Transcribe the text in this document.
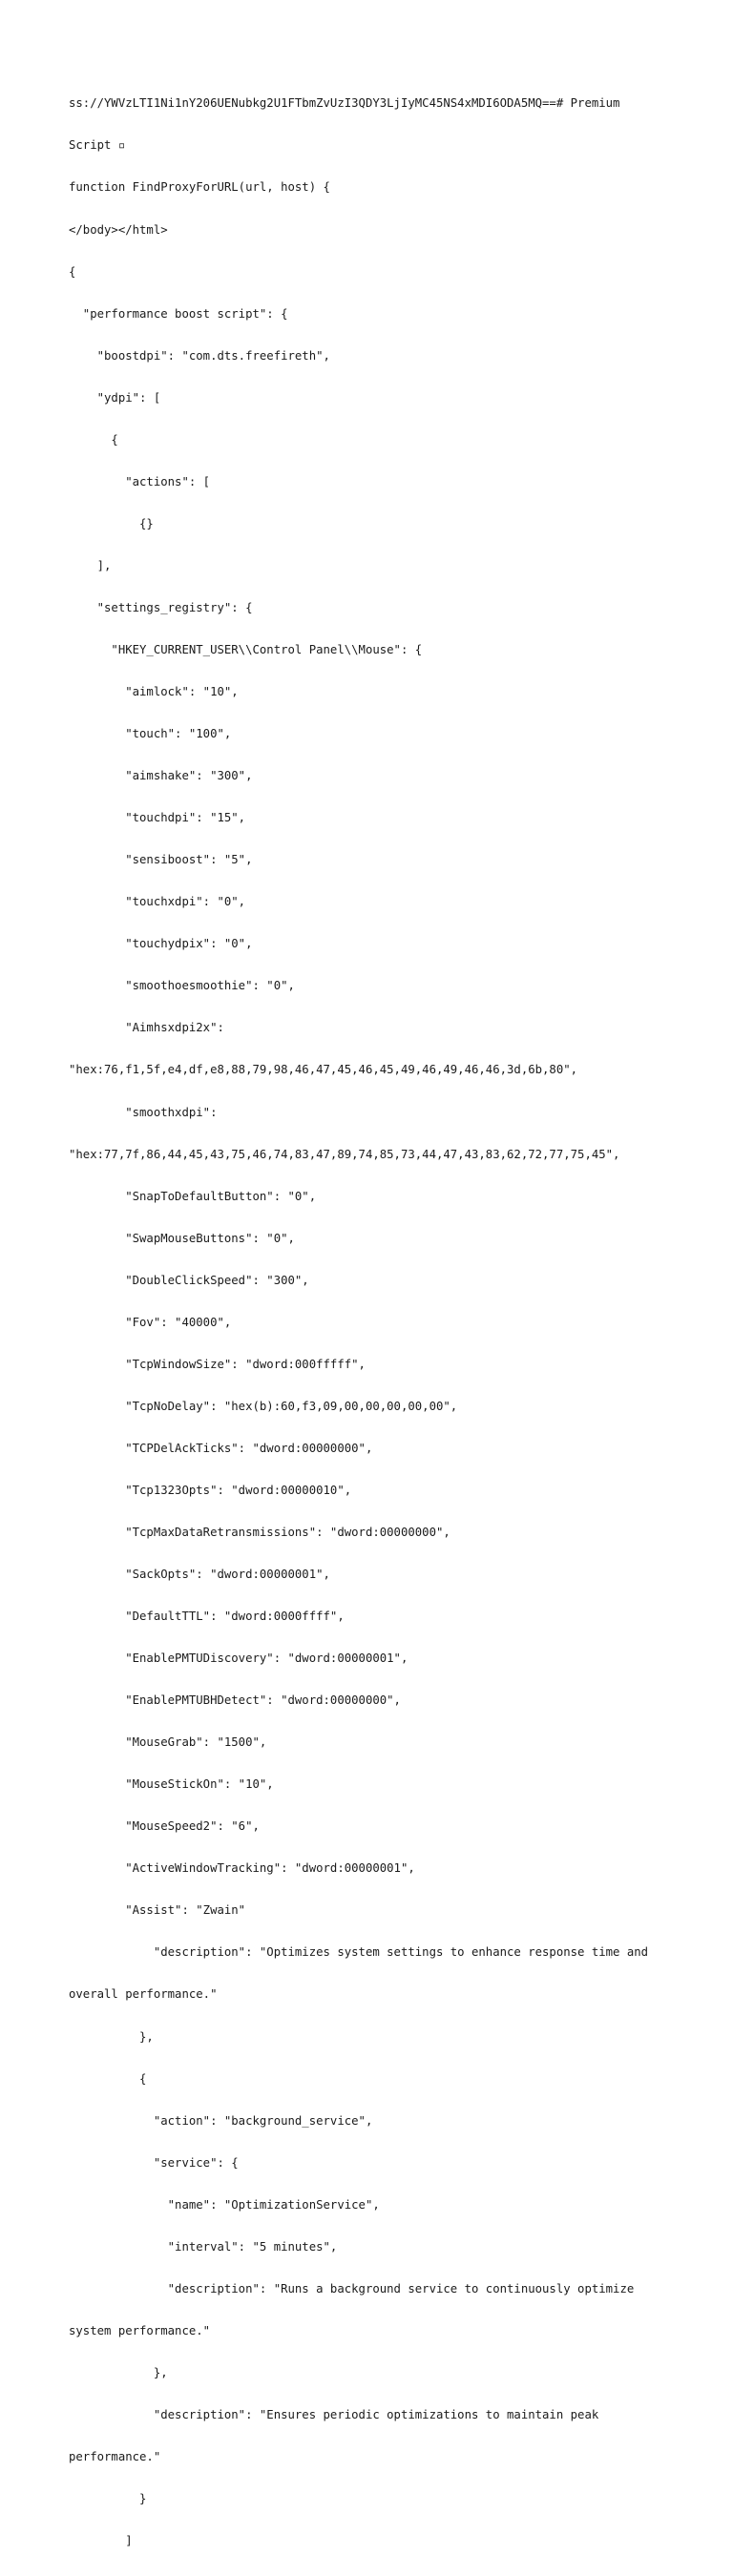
ss://YWVzLTI1Ni1nY206UENubkg2U1FTbmZvUzI3QDY3LjIyMC45NS4xMDI6ODA5MQ==# Premium

Script ▫

function FindProxyForURL(url, host) {

</body></html>

{

"performance boost script": {

"boostdpi": "com.dts.freefireth",

"ydpi": [

{

"actions": [

{}

],

"settings_registry": {

"HKEY_CURRENT_USER\\Control Panel\\Mouse": {

"aimlock": "10",

"touch": "100",

"aimshake": "300",

"touchdpi": "15",

"sensiboost": "5",

"touchxdpi": "0",

"touchydpix": "0",

"smoothoesmoothie": "0",

"Aimhsxdpi2x":

"hex:76,f1,5f,e4,df,e8,88,79,98,46,47,45,46,45,49,46,49,46,46,3d,6b,80",

"smoothxdpi":

"hex:77,7f,86,44,45,43,75,46,74,83,47,89,74,85,73,44,47,43,83,62,72,77,75,45",

"SnapToDefaultButton": "0",

"SwapMouseButtons": "0",

"DoubleClickSpeed": "300",

"Fov": "40000",

"TcpWindowSize": "dword:000fffff",

"TcpNoDelay": "hex(b):60,f3,09,00,00,00,00,00",

"TCPDelAckTicks": "dword:00000000",

"Tcp1323Opts": "dword:00000010",

"TcpMaxDataRetransmissions": "dword:00000000",

"SackOpts": "dword:00000001",

"DefaultTTL": "dword:0000ffff",

"EnablePMTUDiscovery": "dword:00000001",

"EnablePMTUBHDetect": "dword:00000000",

"MouseGrab": "1500",

"MouseStickOn": "10",

"MouseSpeed2": "6",

"ActiveWindowTracking": "dword:00000001",

"Assist": "Zwain"

"description": "Optimizes system settings to enhance response time and

overall performance."

},

{

"action": "background_service",

"service": {

"name": "OptimizationService",

"interval": "5 minutes",

"description": "Runs a background service to continuously optimize

system performance."

},

"description": "Ensures periodic optimizations to maintain peak

performance."

}

]
